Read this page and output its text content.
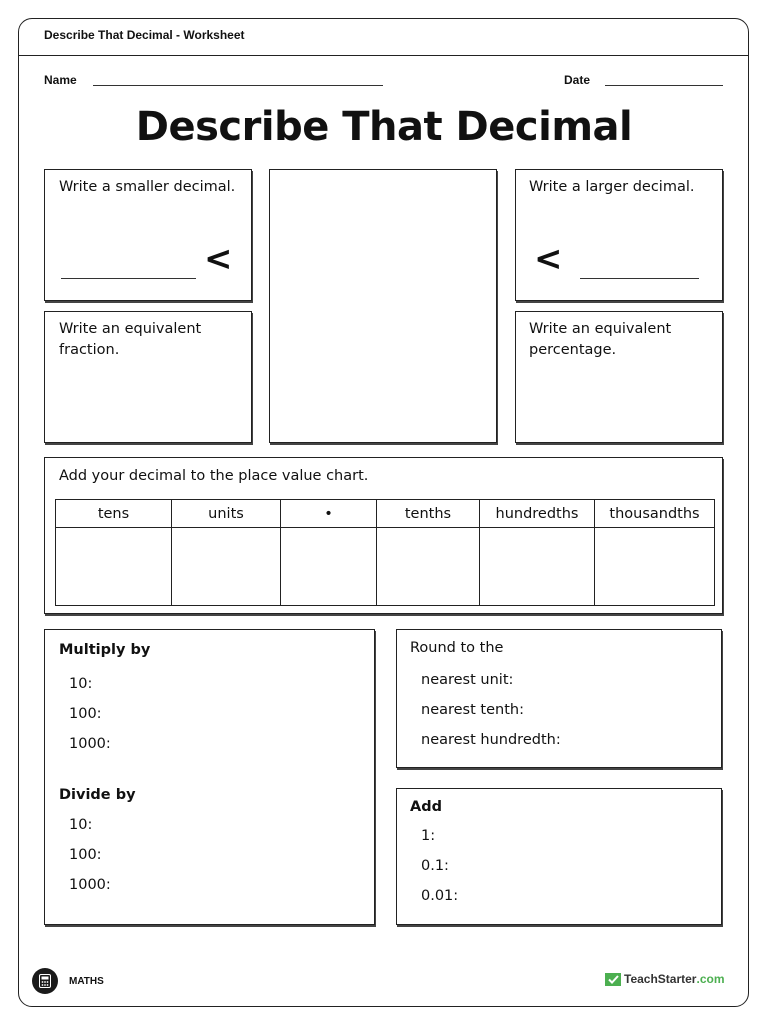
Describe That Decimal - Worksheet
Name	Date
Describe That Decimal
Write a smaller decimal.
<
Write a larger decimal.
<
Write an equivalent fraction.
Write an equivalent percentage.
Add your decimal to the place value chart.
tens	units	•	tenths	hundredths	thousandths

Multiply by
10:
100:
1000:
Divide by
10:
100:
1000:
Round to the
nearest unit:
nearest tenth:
nearest hundredth:
Add
1:
0.1:
0.01:
MATHS	TeachStarter .com
